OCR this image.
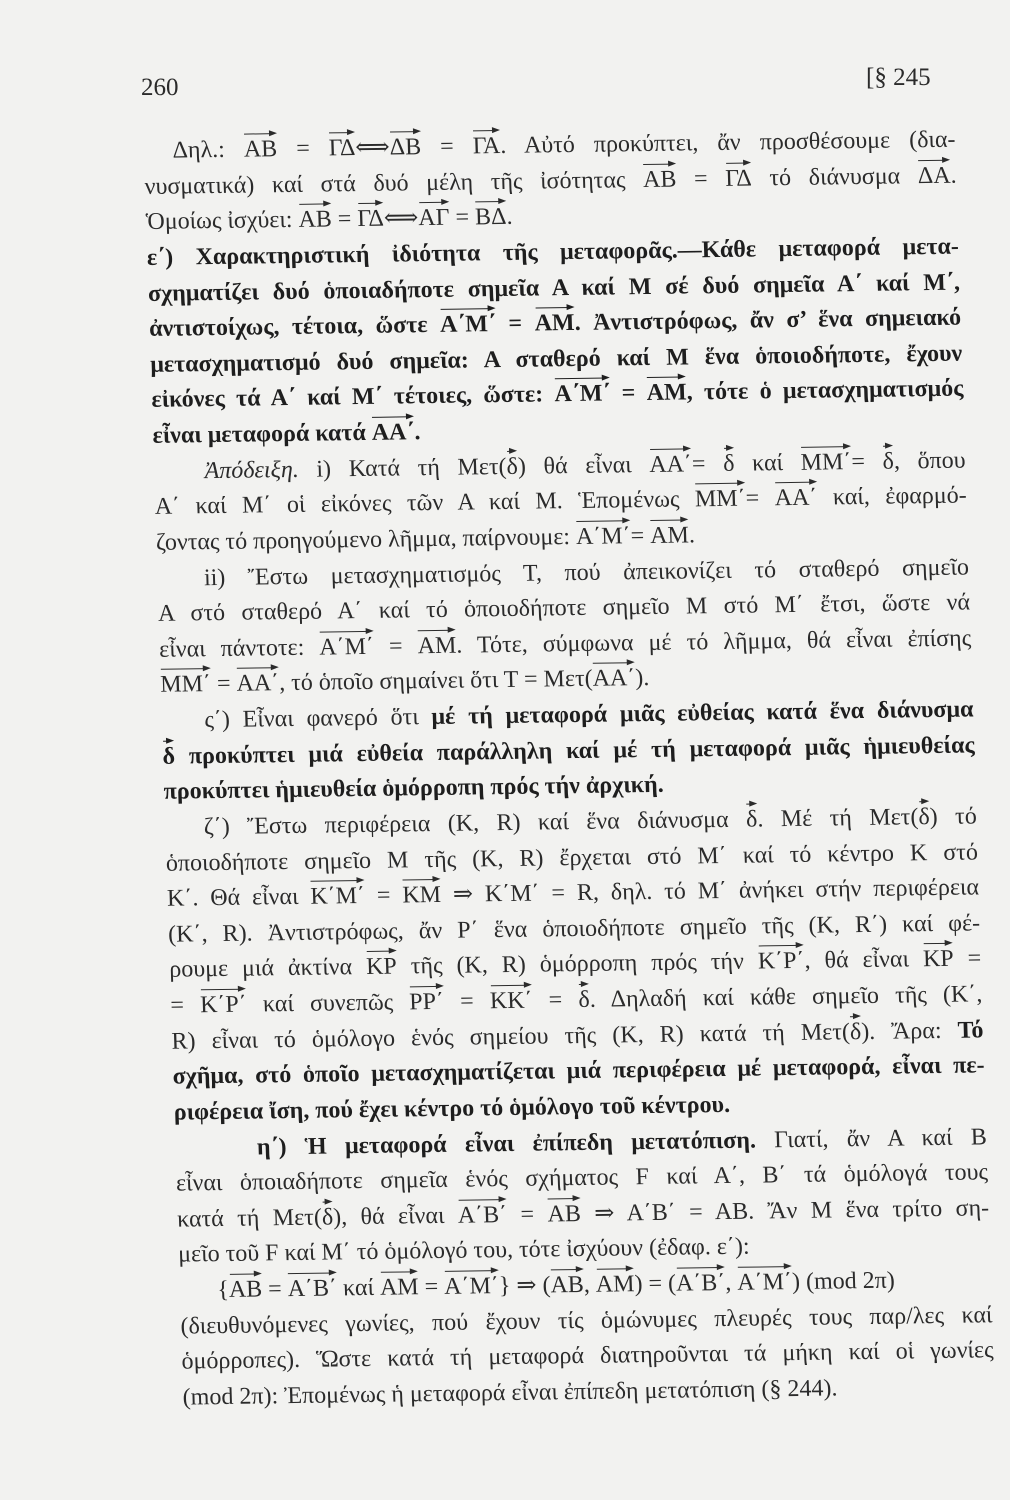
260	[§ 245
Δηλ.: ΑΒ = ΓΔ⟺ΔΒ = ΓΑ. Αὐτό προκύπτει, ἄν προσθέσουμε (δια-
νυσματικά) καί στά δυό μέλη τῆς ἰσότητας ΑΒ = ΓΔ τό διάνυσμα ΔΑ.
Ὁμοίως ἰσχύει: ΑΒ = ΓΔ⟺ΑΓ = ΒΔ.
ε΄) Χαρακτηριστική ἰδιότητα τῆς μεταφορᾶς.—Κάθε μεταφορά μετα-
σχηματίζει δυό ὁποιαδήποτε σημεῖα Α καί Μ σέ δυό σημεῖα Α΄ καί Μ΄,
ἀντιστοίχως, τέτοια, ὥστε Α΄Μ΄ = ΑΜ. Ἀντιστρόφως, ἄν σ’ ἕνα σημειακό
μετασχηματισμό δυό σημεῖα: Α σταθερό καί Μ ἕνα ὁποιοδήποτε, ἔχουν
εἰκόνες τά Α΄ καί Μ΄ τέτοιες, ὥστε: Α΄Μ΄ = ΑΜ, τότε ὁ μετασχηματισμός
εἶναι μεταφορά κατά ΑΑ΄.
Ἀπόδειξη. i) Κατά τή Μετ(δ) θά εἶναι ΑΑ΄= δ καί ΜΜ΄= δ, ὅπου
Α΄ καί Μ΄ οἱ εἰκόνες τῶν Α καί Μ. Ἑπομένως ΜΜ΄= ΑΑ΄ καί, ἐφαρμό-
ζοντας τό προηγούμενο λῆμμα, παίρνουμε: Α΄Μ΄= ΑΜ.
ii) Ἔστω μετασχηματισμός Τ, πού ἀπεικονίζει τό σταθερό σημεῖο
Α στό σταθερό Α΄ καί τό ὁποιοδήποτε σημεῖο Μ στό Μ΄ ἔτσι, ὥστε νά
εἶναι πάντοτε: Α΄Μ΄ = ΑΜ. Τότε, σύμφωνα μέ τό λῆμμα, θά εἶναι ἐπίσης
ΜΜ΄ = ΑΑ΄, τό ὁποῖο σημαίνει ὅτι Τ = Μετ(ΑΑ΄).
ς΄) Εἶναι φανερό ὅτι μέ τή μεταφορά μιᾶς εὐθείας κατά ἕνα διάνυσμα
δ προκύπτει μιά εὐθεία παράλληλη καί μέ τή μεταφορά μιᾶς ἡμιευθείας
προκύπτει ἡμιευθεία ὁμόρροπη πρός τήν ἀρχική.
ζ΄) Ἔστω περιφέρεια (Κ, R) καί ἕνα διάνυσμα δ. Μέ τή Μετ(δ) τό
ὁποιοδήποτε σημεῖο Μ τῆς (Κ, R) ἔρχεται στό Μ΄ καί τό κέντρο Κ στό
Κ΄. Θά εἶναι Κ΄Μ΄ = ΚΜ ⇒ Κ΄Μ΄ = R, δηλ. τό Μ΄ ἀνήκει στήν περιφέρεια
(Κ΄, R). Ἀντιστρόφως, ἄν Ρ΄ ἕνα ὁποιοδήποτε σημεῖο τῆς (Κ, R΄) καί φέ-
ρουμε μιά ἀκτίνα ΚΡ τῆς (Κ, R) ὁμόρροπη πρός τήν Κ΄Ρ΄, θά εἶναι ΚΡ =
= Κ΄Ρ΄ καί συνεπῶς ΡΡ΄ = ΚΚ΄ = δ. Δηλαδή καί κάθε σημεῖο τῆς (Κ΄,
R) εἶναι τό ὁμόλογο ἑνός σημείου τῆς (Κ, R) κατά τή Μετ(δ). Ἄρα: Τό
σχῆμα, στό ὁποῖο μετασχηματίζεται μιά περιφέρεια μέ μεταφορά, εἶναι πε-
ριφέρεια ἴση, πού ἔχει κέντρο τό ὁμόλογο τοῦ κέντρου.
η΄) Ἡ μεταφορά εἶναι ἐπίπεδη μετατόπιση. Γιατί, ἄν Α καί Β
εἶναι ὁποιαδήποτε σημεῖα ἑνός σχήματος F καί Α΄, Β΄ τά ὁμόλογά τους
κατά τή Μετ(δ), θά εἶναι Α΄Β΄ = ΑΒ ⇒ Α΄Β΄ = ΑΒ. Ἄν Μ ἕνα τρίτο ση-
μεῖο τοῦ F καί Μ΄ τό ὁμόλογό του, τότε ἰσχύουν (ἐδαφ. ε΄):
{ΑΒ = Α΄Β΄ καί ΑΜ = Α΄Μ΄} ⇒ (ΑΒ, ΑΜ) = (Α΄Β΄, Α΄Μ΄) (mod 2π)
(διευθυνόμενες γωνίες, πού ἔχουν τίς ὁμώνυμες πλευρές τους παρ/λες καί
ὁμόρροπες). Ὥστε κατά τή μεταφορά διατηροῦνται τά μήκη καί οἱ γωνίες
(mod 2π): Ἐπομένως ἡ μεταφορά εἶναι ἐπίπεδη μετατόπιση (§ 244).
